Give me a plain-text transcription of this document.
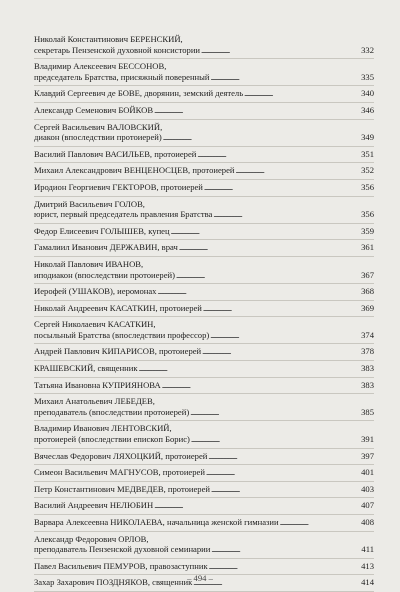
Николай Константинович БЕРЕНСКИЙ,
секретарь Пензенской духовной консистории . . .	332
Владимир Алексеевич БЕССОНОВ,
председатель Братства, присяжный поверенный . . .	335
Клавдий Сергеевич де БОВЕ, дворянин, земский деятель . . .	340
Александр Семенович БОЙКОВ . . .	346
Сергей Васильевич ВАЛОВСКИЙ,
диакон (впоследствии протоиерей) . . .	349
Василий Павлович ВАСИЛЬЕВ, протоиерей . . .	351
Михаил Александрович ВЕНЦЕНОСЦЕВ, протоиерей . . .	352
Иродион Георгиевич ГЕКТОРОВ, протоиерей . . .	356
Дмитрий Васильевич ГОЛОВ,
юрист, первый председатель правления Братства . . .	356
Федор Елисеевич ГОЛЫШЕВ, купец . . .	359
Гамалиил Иванович ДЕРЖАВИН, врач . . .	361
Николай Павлович ИВАНОВ,
иподиакон (впоследствии протоиерей) . . .	367
Иерофей (УШАКОВ), иеромонах . . .	368
Николай Андреевич КАСАТКИН, протоиерей . . .	369
Сергей Николаевич КАСАТКИН,
посыльный Братства (впоследствии профессор) . . .	374
Андрей Павлович КИПАРИСОВ, протоиерей . . .	378
КРАШЕВСКИЙ, священник . . .	383
Татьяна Ивановна КУПРИЯНОВА . . .	383
Михаил Анатольевич ЛЕБЕДЕВ,
преподаватель (впоследствии протоиерей) . . .	385
Владимир Иванович ЛЕНТОВСКИЙ,
протоиерей (впоследствии епископ Борис) . . .	391
Вячеслав Федорович ЛЯХОЦКИЙ, протоиерей . . .	397
Симеон Васильевич МАГНУСОВ, протоиерей . . .	401
Петр Константинович МЕДВЕДЕВ, протоиерей . . .	403
Василий Андреевич НЕЛЮБИН . . .	407
Варвара Алексеевна НИКОЛАЕВА, начальница женской гимназии . . .	408
Александр Федорович ОРЛОВ,
преподаватель Пензенской духовной семинарии . . .	411
Павел Васильевич ПЕМУРОВ, правозаступник . . .	413
Захар Захарович ПОЗДНЯКОВ, священник . . .	414
– 494 –
